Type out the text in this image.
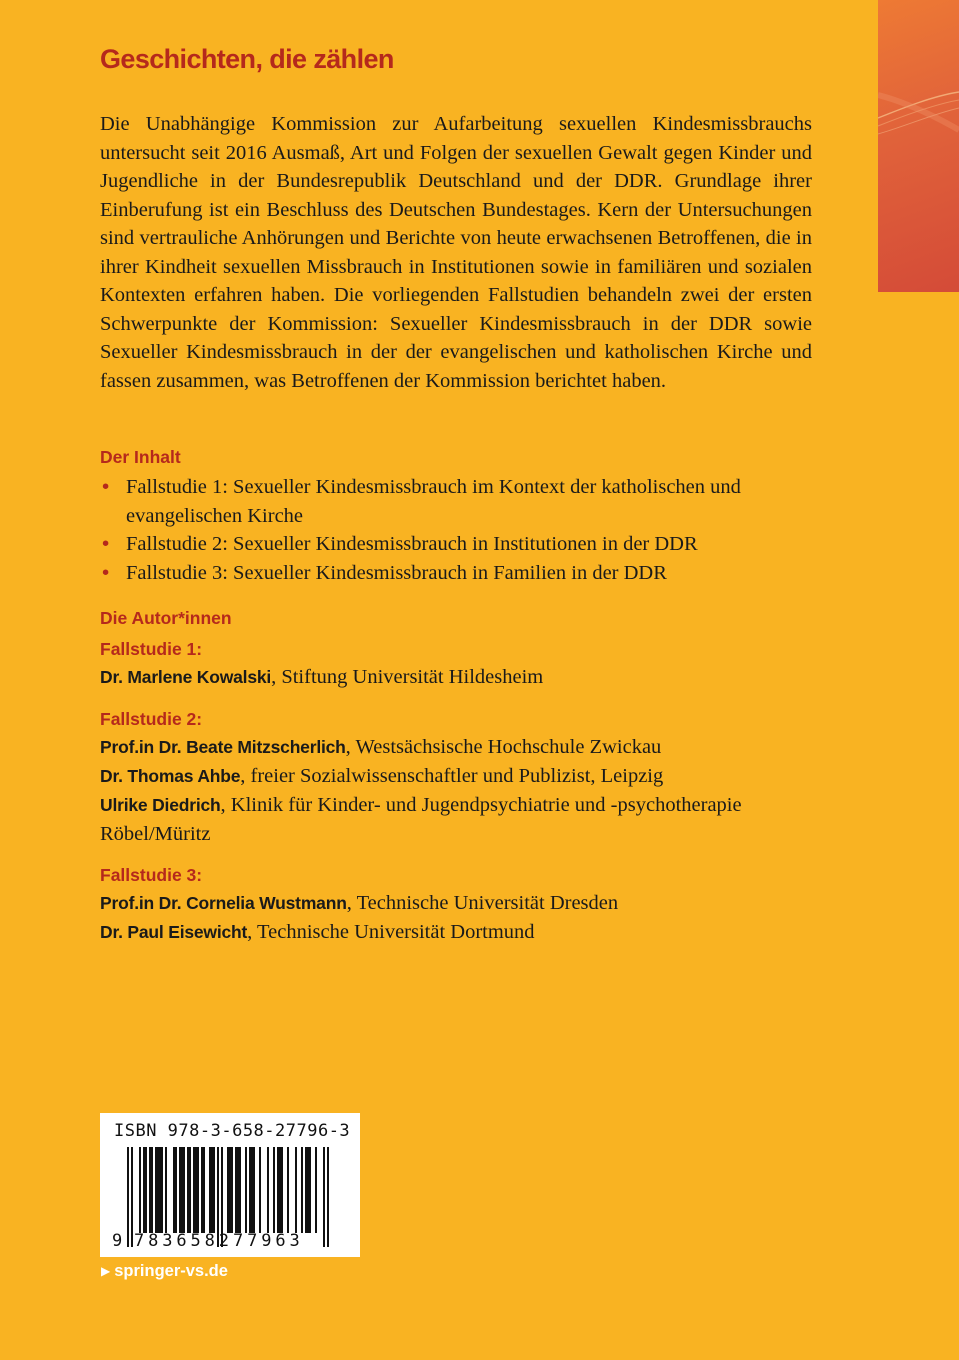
Geschichten, die zählen

Die Unabhängige Kommission zur Aufarbeitung sexuellen Kindesmissbrauchs untersucht seit 2016 Ausmaß, Art und Folgen der sexuellen Gewalt gegen Kinder und Jugendliche in der Bundesrepublik Deutschland und der DDR. Grundlage ihrer Einberufung ist ein Beschluss des Deutschen Bundestages. Kern der Untersuchungen sind vertrauliche Anhörungen und Berichte von heute erwachsenen Betroffenen, die in ihrer Kindheit sexuellen Missbrauch in Institutionen sowie in familiären und sozialen Kontexten erfahren haben. Die vorliegenden Fallstudien behandeln zwei der ersten Schwerpunkte der Kommission: Sexueller Kindesmissbrauch in der DDR sowie Sexueller Kindesmissbrauch in der der evangelischen und katholischen Kirche und fassen zusammen, was Betroffenen der Kommission berichtet haben.

Der Inhalt
• Fallstudie 1: Sexueller Kindesmissbrauch im Kontext der katholischen und evangelischen Kirche
• Fallstudie 2: Sexueller Kindesmissbrauch in Institutionen in der DDR
• Fallstudie 3: Sexueller Kindesmissbrauch in Familien in der DDR
Die Autor*innen
Fallstudie 1:

Dr. Marlene Kowalski, Stiftung Universität Hildesheim

Fallstudie 2:

Prof.in Dr. Beate Mitzscherlich, Westsächsische Hochschule Zwickau

Dr. Thomas Ahbe, freier Sozialwissenschaftler und Publizist, Leipzig

Ulrike Diedrich, Klinik für Kinder- und Jugendpsychiatrie und -psychotherapie Röbel/Müritz

Fallstudie 3:

Prof.in Dr. Cornelia Wustmann, Technische Universität Dresden

Dr. Paul Eisewicht, Technische Universität Dortmund

ISBN 978-3-658-27796-3
9 783658277963
▶ springer-vs.de
